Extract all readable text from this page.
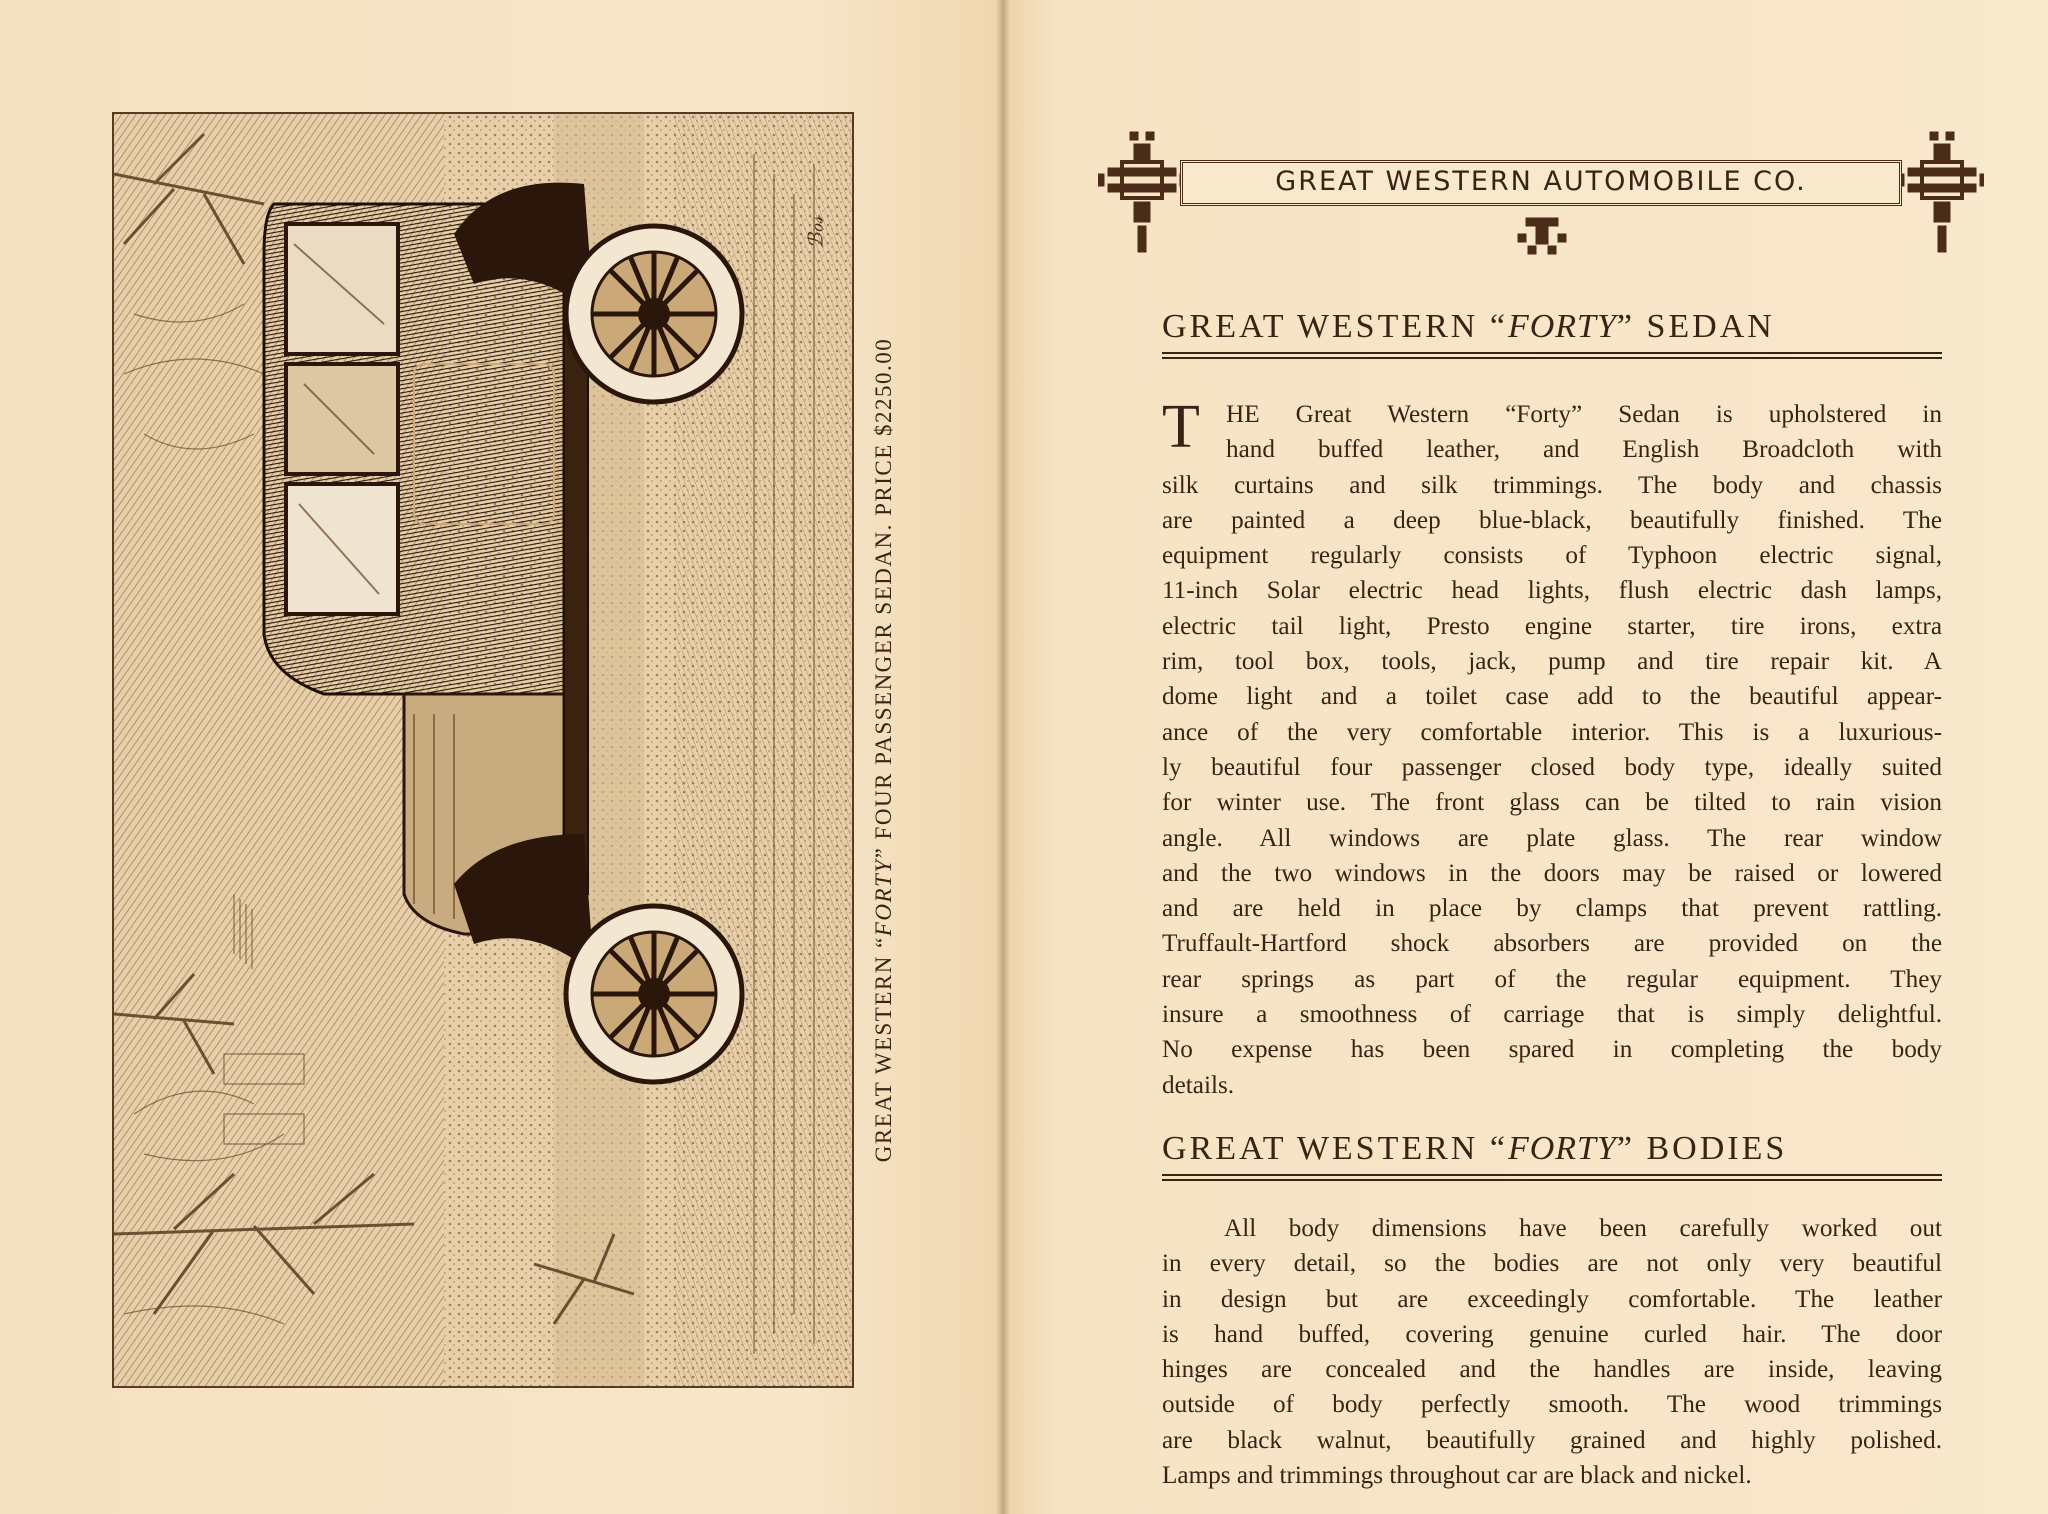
ℬℴ𝓈
GREAT WESTERN “FORTY” FOUR PASSENGER SEDAN. PRICE $2250.00
GREAT WESTERN AUTOMOBILE CO.
GREAT WESTERN “FORTY” SEDAN
T	HE Great Western “Forty” Sedan is upholstered in
hand buffed leather, and English Broadcloth with
silk curtains and silk trimmings. The body and chassis
are painted a deep blue-black, beautifully finished. The
equipment regularly consists of Typhoon electric signal,
11-inch Solar electric head lights, flush electric dash lamps,
electric tail light, Presto engine starter, tire irons, extra
rim, tool box, tools, jack, pump and tire repair kit. A
dome light and a toilet case add to the beautiful appear-
ance of the very comfortable interior. This is a luxurious-
ly beautiful four passenger closed body type, ideally suited
for winter use. The front glass can be tilted to rain vision
angle. All windows are plate glass. The rear window
and the two windows in the doors may be raised or lowered
and are held in place by clamps that prevent rattling.
Truffault-Hartford shock absorbers are provided on the
rear springs as part of the regular equipment. They
insure a smoothness of carriage that is simply delightful.
No expense has been spared in completing the body
details.
GREAT WESTERN “FORTY” BODIES
All body dimensions have been carefully worked out
in every detail, so the bodies are not only very beautiful
in design but are exceedingly comfortable. The leather
is hand buffed, covering genuine curled hair. The door
hinges are concealed and the handles are inside, leaving
outside of body perfectly smooth. The wood trimmings
are black walnut, beautifully grained and highly polished.
Lamps and trimmings throughout car are black and nickel.
